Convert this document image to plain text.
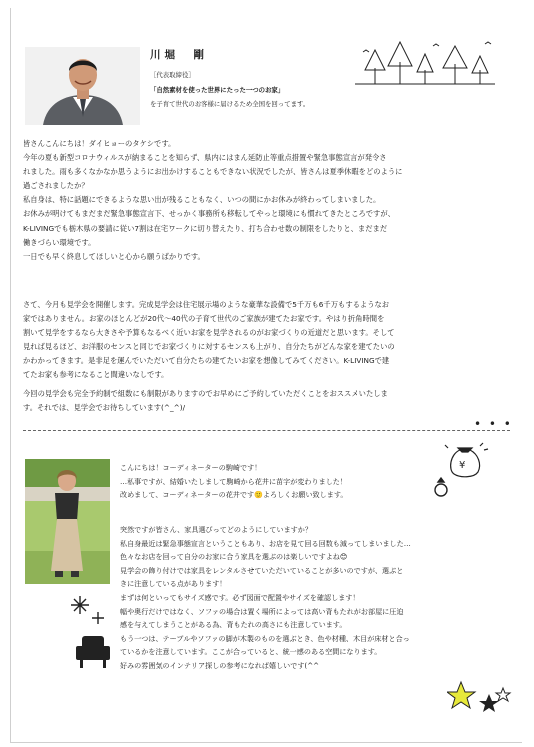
川堀　剛
［代表取締役］
「自然素材を使った世界にたった一つのお家」
を子育て世代のお客様に届けるため全国を回ってます。
皆さんこんにちは！ダイヒョーのタケシです。
今年の夏も新型コロナウィルスが納まることを知らず、県内にはまん延防止等重点措置や緊急事態宣言が発令さ
れました。雨も多くなかなか思うようにお出かけすることもできない状況でしたが、皆さんは夏季休暇をどのように
過ごされましたか？
私自身は、特に話題にできるような思い出が残ることもなく、いつの間にかお休みが終わってしまいました。
お休みが明けてもまだまだ緊急事態宣言下、せっかく事務所も移転してやっと環境にも慣れてきたところですが、
K-LIVINGでも栃木県の要請に従い7割は在宅ワークに切り替えたり、打ち合わせ数の制限をしたりと、まだまだ
働きづらい環境です。
一日でも早く終息してほしいと心から願うばかりです。
さて、今月も見学会を開催します。完成見学会は住宅展示場のような豪華な設備で5千万も6千万もするようなお
家ではありません。お家のほとんどが20代〜40代の子育て世代のご家族が建てたお家です。やはり折角時間を
割いて見学をするなら大きさや予算もなるべく近いお家を見学されるのがお家づくりの近道だと思います。そして
見れば見るほど、お洋服のセンスと同じでお家づくりに対するセンスも上がり、自分たちがどんな家を建てたいの
かわかってきます。是非足を運んでいただいて自分たちの建てたいお家を想像してみてください。K-LIVINGで建
てたお家も参考になること間違いなしです。
今回の見学会も完全予約制で組数にも制限がありますのでお早めにご予約していただくことをおススメいたしま
す。それでは、見学会でお待ちしています(^_^)/
• • •
¥
こんにちは！コーディネーターの駒崎です！
…私事ですが、結婚いたしまして駒崎から花井に苗字が変わりました！
改めまして、コーディネーターの花井です🙂よろしくお願い致します。
突然ですが皆さん、家具選びってどのようにしていますか？
私自身最近は緊急事態宣言ということもあり、お店を見て回る回数も減ってしまいました…
色々なお店を回って自分のお家に合う家具を選ぶのは楽しいですよね😊
見学会の飾り付けでは家具をレンタルさせていただいていることが多いのですが、選ぶと
きに注意している点があります！
まずは何といってもサイズ感です。必ず図面で配置やサイズを確認します！
幅や奥行だけではなく、ソファの場合は置く場所によっては高い背もたれがお部屋に圧迫
感を与えてしまうことがある為、背もたれの高さにも注意しています。
もう一つは、テーブルやソファの脚が木製のものを選ぶとき、色や材種、木目が床材と合っ
ているかを注意しています。ここが合っていると、統一感のある空間になります。
好みの雰囲気のインテリア探しの参考になれば嬉しいです(^^
